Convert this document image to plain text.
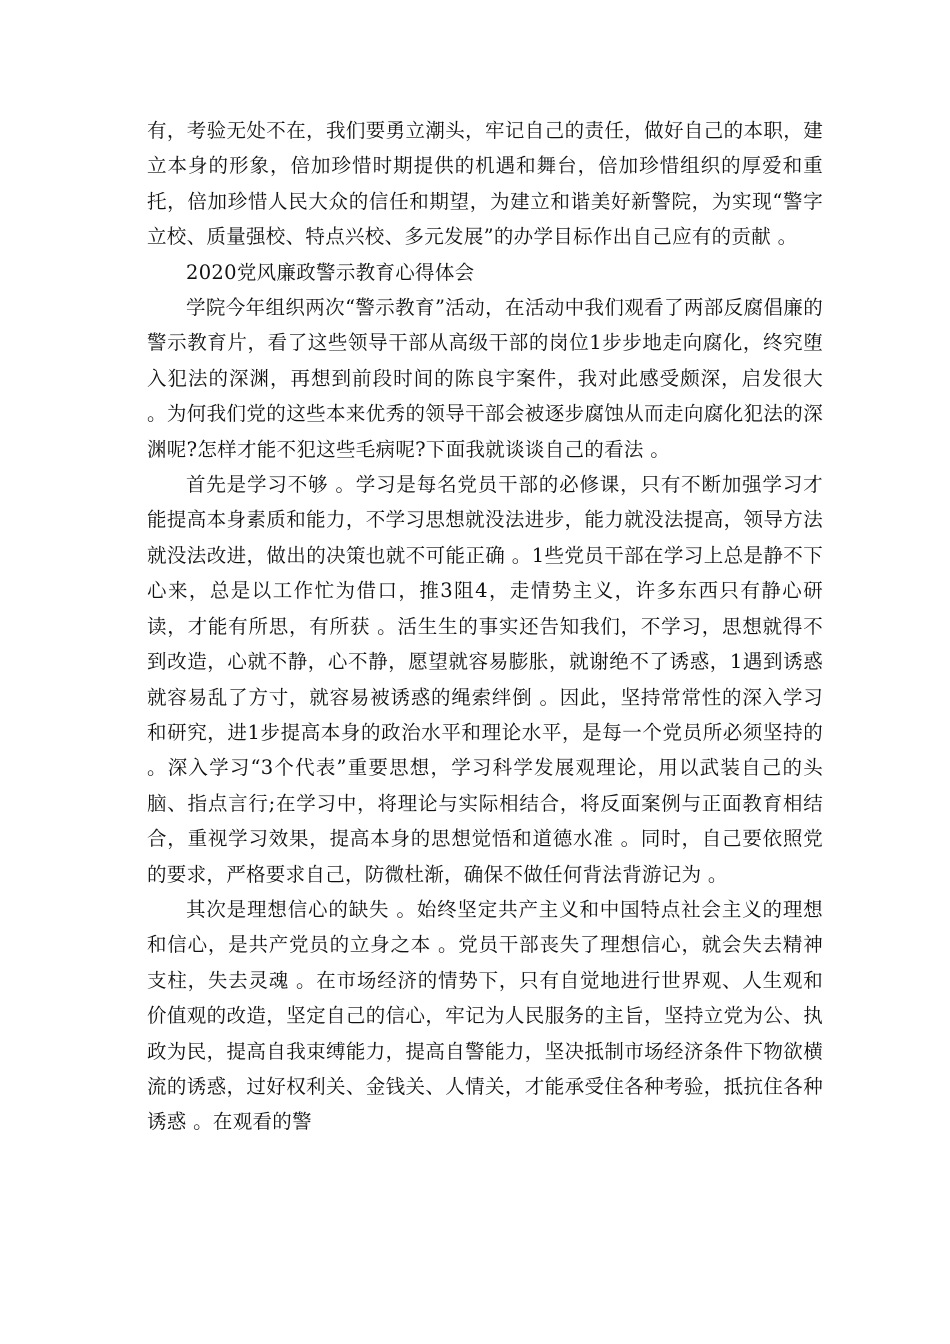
有，考验无处不在，我们要勇立潮头，牢记自己的责任，做好自己的本职，建立本身的形象，倍加珍惜时期提供的机遇和舞台，倍加珍惜组织的厚爱和重托，倍加珍惜人民大众的信任和期望，为建立和谐美好新警院，为实现“警字立校、质量强校、特点兴校、多元发展”的办学目标作出自己应有的贡献 。

2020党风廉政警示教育心得体会

学院今年组织两次“警示教育”活动，在活动中我们观看了两部反腐倡廉的警示教育片，看了这些领导干部从高级干部的岗位1步步地走向腐化，终究堕入犯法的深渊，再想到前段时间的陈良宇案件，我对此感受颇深，启发很大 。为何我们党的这些本来优秀的领导干部会被逐步腐蚀从而走向腐化犯法的深渊呢?怎样才能不犯这些毛病呢?下面我就谈谈自己的看法 。

首先是学习不够 。学习是每名党员干部的必修课，只有不断加强学习才能提高本身素质和能力，不学习思想就没法进步，能力就没法提高，领导方法就没法改进，做出的决策也就不可能正确 。1些党员干部在学习上总是静不下心来，总是以工作忙为借口，推3阻4，走情势主义，许多东西只有静心研读，才能有所思，有所获 。活生生的事实还告知我们，不学习，思想就得不到改造，心就不静，心不静，愿望就容易膨胀，就谢绝不了诱惑，1遇到诱惑就容易乱了方寸，就容易被诱惑的绳索绊倒 。因此，坚持常常性的深入学习和研究，进1步提高本身的政治水平和理论水平，是每一个党员所必须坚持的 。深入学习“3个代表”重要思想，学习科学发展观理论，用以武装自己的头脑、指点言行;在学习中，将理论与实际相结合，将反面案例与正面教育相结合，重视学习效果，提高本身的思想觉悟和道德水准 。同时，自己要依照党的要求，严格要求自己，防微杜渐，确保不做任何背法背游记为 。

其次是理想信心的缺失 。始终坚定共产主义和中国特点社会主义的理想和信心，是共产党员的立身之本 。党员干部丧失了理想信心，就会失去精神支柱，失去灵魂 。在市场经济的情势下，只有自觉地进行世界观、人生观和价值观的改造，坚定自己的信心，牢记为人民服务的主旨，坚持立党为公、执政为民，提高自我束缚能力，提高自警能力，坚决抵制市场经济条件下物欲横流的诱惑，过好权利关、金钱关、人情关，才能承受住各种考验，抵抗住各种诱惑 。在观看的警
